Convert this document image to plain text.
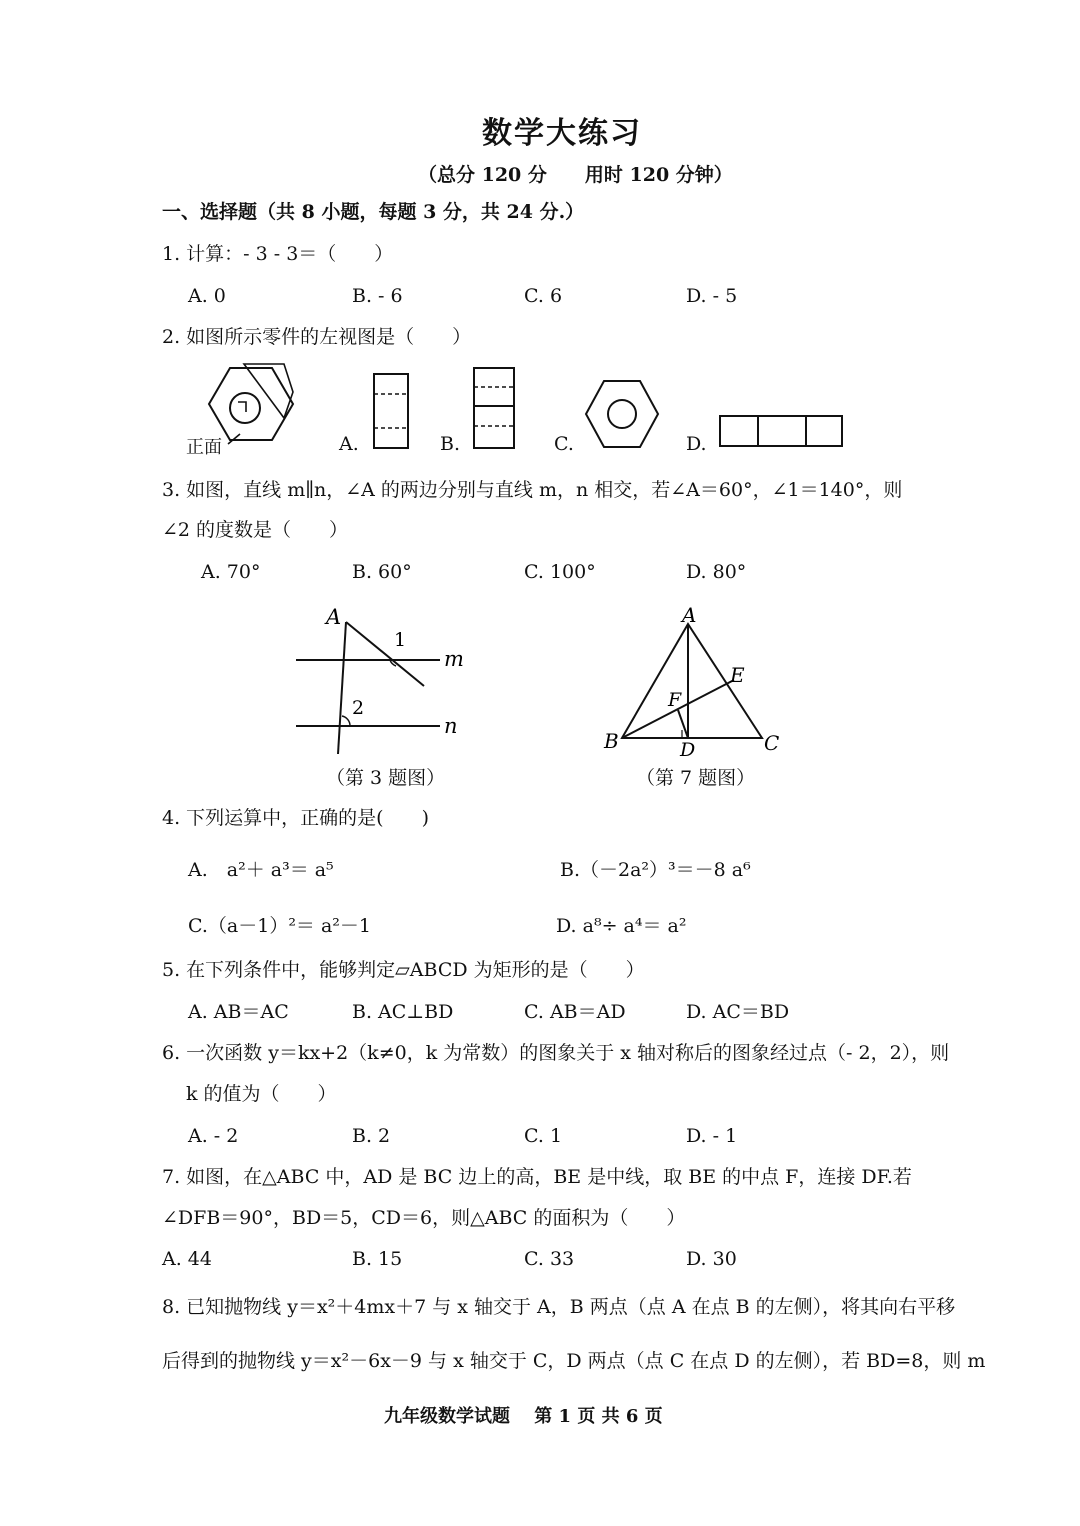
数学大练习
（总分 120 分　　用时 120 分钟）
一、选择题（共 8 小题，每题 3 分，共 24 分.）
1. 计算：- 3 - 3＝（　　）
A. 0	B. - 6	C. 6	D. - 5
2. 如图所示零件的左视图是（　　）
正面	A.	B.	C.	D.
3. 如图，直线 m∥n，∠A 的两边分别与直线 m，n 相交，若∠A＝60°，∠1＝140°，则
∠2 的度数是（　　）
A. 70°	B. 60°	C. 100°	D. 80°
A
1
m
2
n
（第 3 题图）
A
B	C
D
E
F
（第 7 题图）
4. 下列运算中，正确的是(　　)
A.　a²＋ a³＝ a⁵	B.（－2a²）³＝－8 a⁶
C.（a－1）²＝ a²－1	D. a⁸÷ a⁴＝ a²
5. 在下列条件中，能够判定▱ABCD 为矩形的是（　　）
A. AB＝AC	B. AC⊥BD	C. AB＝AD	D. AC＝BD
6. 一次函数 y＝kx+2（k≠0，k 为常数）的图象关于 x 轴对称后的图象经过点（- 2，2），则
k 的值为（　　）
A. - 2	B. 2	C. 1	D. - 1
7. 如图，在△ABC 中，AD 是 BC 边上的高，BE 是中线，取 BE 的中点 F，连接 DF.若
∠DFB＝90°，BD＝5，CD＝6，则△ABC 的面积为（　　）
A. 44	B. 15	C. 33	D. 30
8. 已知抛物线 y＝x²＋4mx＋7 与 x 轴交于 A，B 两点（点 A 在点 B 的左侧），将其向右平移
后得到的抛物线 y＝x²－6x－9 与 x 轴交于 C，D 两点（点 C 在点 D 的左侧），若 BD=8，则 m
九年级数学试题　 第 1 页 共 6 页
